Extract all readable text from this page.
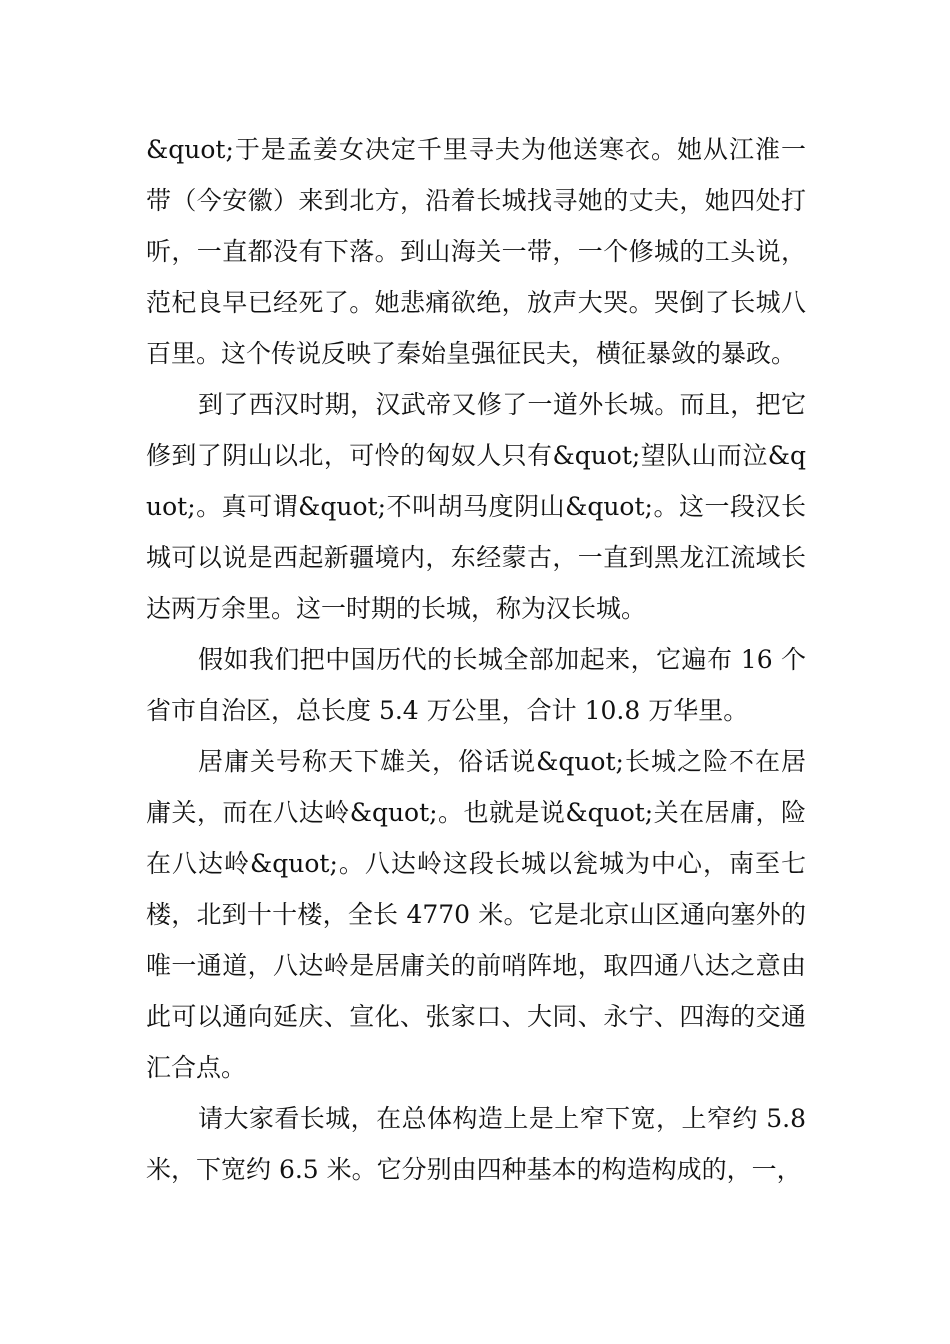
&quot;于是孟姜女决定千里寻夫为他送寒衣。她从江淮一带（今安徽）来到北方，沿着长城找寻她的丈夫，她四处打听，一直都没有下落。到山海关一带，一个修城的工头说，范杞良早已经死了。她悲痛欲绝，放声大哭。哭倒了长城八百里。这个传说反映了秦始皇强征民夫，横征暴敛的暴政。

到了西汉时期，汉武帝又修了一道外长城。而且，把它修到了阴山以北，可怜的匈奴人只有&quot;望队山而泣&quot;。真可谓&quot;不叫胡马度阴山&quot;。这一段汉长城可以说是西起新疆境内，东经蒙古，一直到黑龙江流域长达两万余里。这一时期的长城，称为汉长城。

假如我们把中国历代的长城全部加起来，它遍布 16 个省市自治区，总长度 5.4 万公里，合计 10.8 万华里。

居庸关号称天下雄关，俗话说&quot;长城之险不在居庸关，而在八达岭&quot;。也就是说&quot;关在居庸，险在八达岭&quot;。八达岭这段长城以瓮城为中心，南至七楼，北到十十楼，全长 4770 米。它是北京山区通向塞外的唯一通道，八达岭是居庸关的前哨阵地，取四通八达之意由此可以通向延庆、宣化、张家口、大同、永宁、四海的交通汇合点。

请大家看长城，在总体构造上是上窄下宽，上窄约 5.8 米，下宽约 6.5 米。它分别由四种基本的构造构成的，一，
